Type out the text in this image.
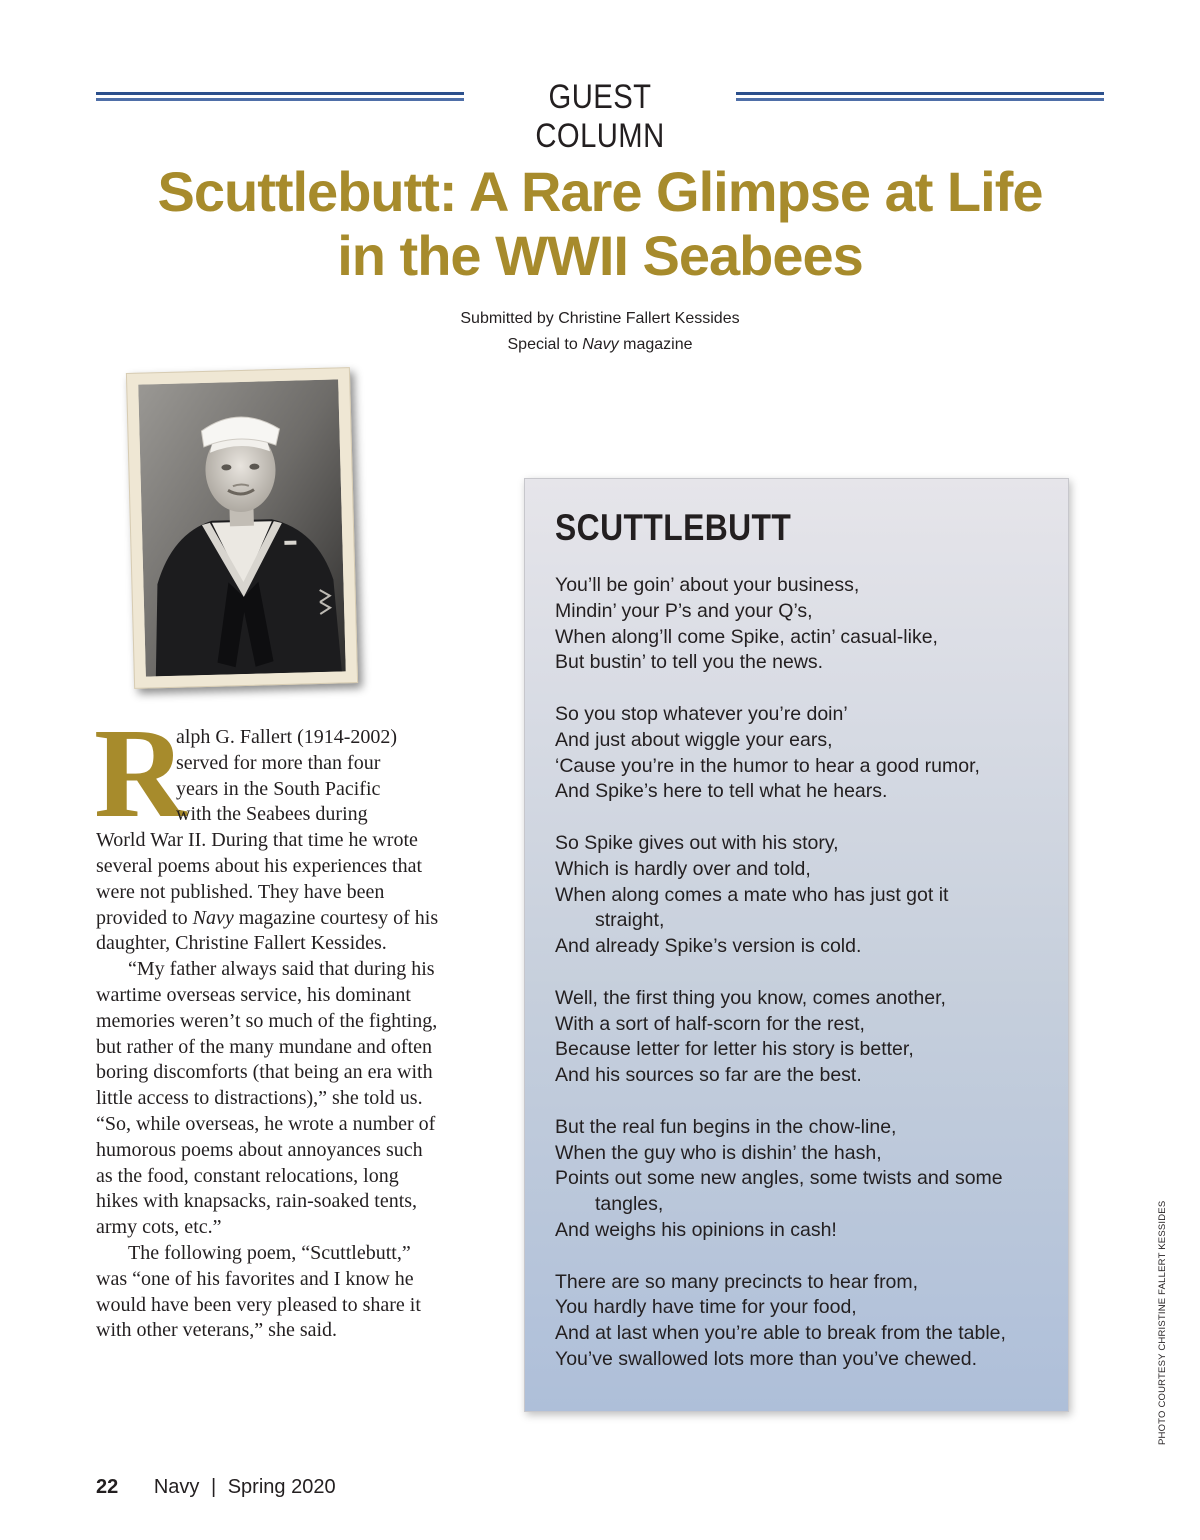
GUEST COLUMN
Scuttlebutt: A Rare Glimpse at Life
in the WWII Seabees
Submitted by Christine Fallert Kessides
Special to Navy magazine
R

alph G. Fallert (1914-2002)
served for more than four
years in the South Pacific
with the Seabees during
World War II. During that time he wrote several poems about his experiences that were not published. They have been provided to Navy magazine courtesy of his daughter, Christine Fallert Kessides.

“My father always said that during his wartime overseas service, his dominant memories weren’t so much of the fighting, but rather of the many mundane and often boring discomforts (that being an era with little access to distractions),” she told us. “So, while overseas, he wrote a number of humorous poems about annoyances such as the food, constant relocations, long hikes with knapsacks, rain-soaked tents, army cots, etc.”

The following poem, “Scuttlebutt,” was “one of his favorites and I know he would have been very pleased to share it with other veterans,” she said.

SCUTTLEBUTT

You’ll be goin’ about your business,
Mindin’ your P’s and your Q’s,
When along’ll come Spike, actin’ casual-like,
But bustin’ to tell you the news.

So you stop whatever you’re doin’
And just about wiggle your ears,
‘Cause you’re in the humor to hear a good rumor,
And Spike’s here to tell what he hears.

So Spike gives out with his story,
Which is hardly over and told,
When along comes a mate who has just got it
straight,
And already Spike’s version is cold.

Well, the first thing you know, comes another,
With a sort of half-scorn for the rest,
Because letter for letter his story is better,
And his sources so far are the best.

But the real fun begins in the chow-line,
When the guy who is dishin’ the hash,
Points out some new angles, some twists and some
tangles,
And weighs his opinions in cash!

There are so many precincts to hear from,
You hardly have time for your food,
And at last when you’re able to break from the table,
You’ve swallowed lots more than you’ve chewed.	PHOTO COURTESY CHRISTINE FALLERT KESSIDES
22 Navy | Spring 2020
